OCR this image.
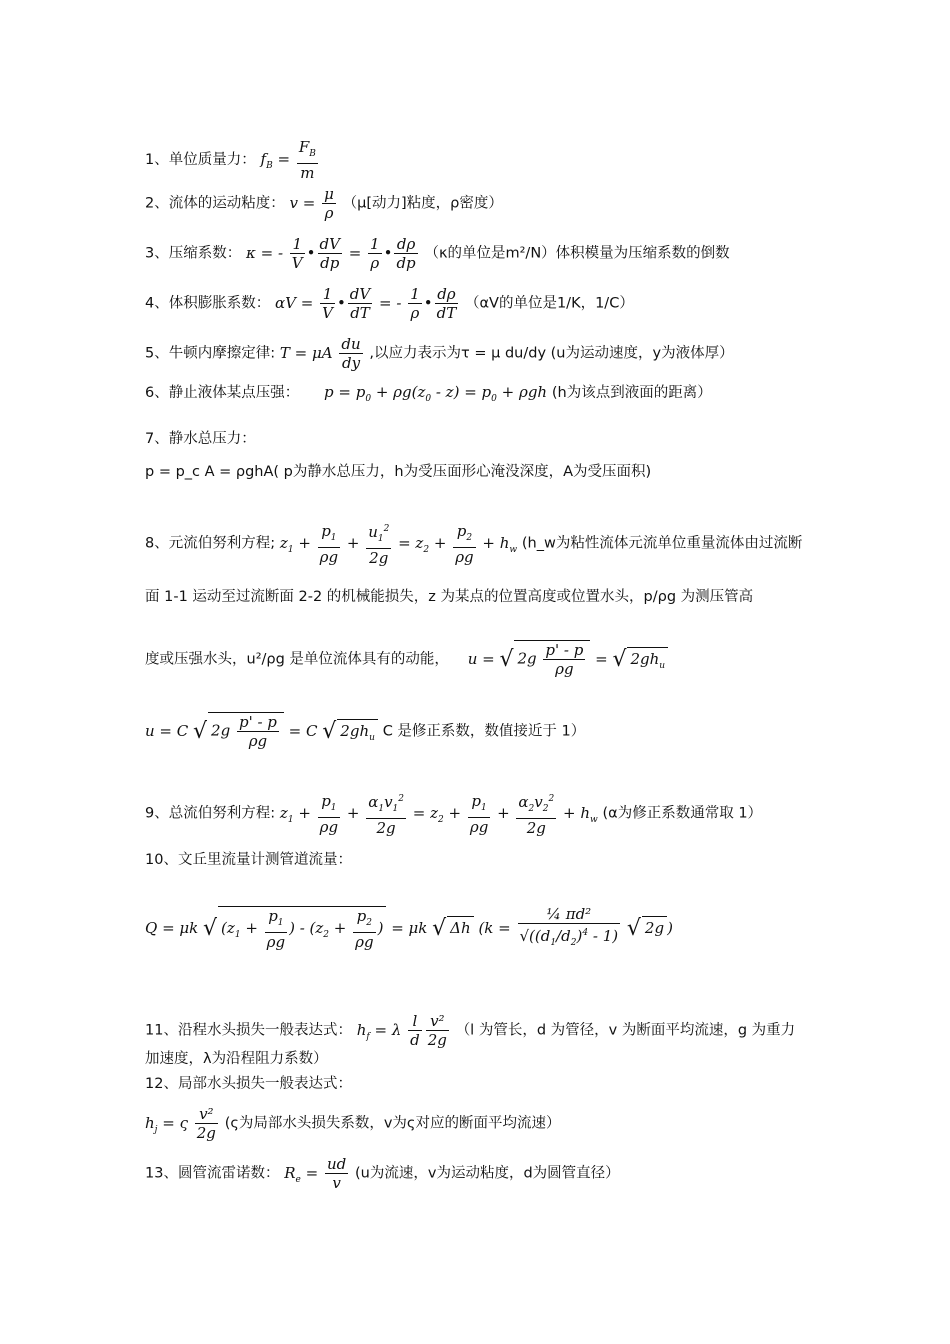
1、单位质量力： $f_B = \frac{F_B}{m}$
2、流体的运动粘度： $v = \frac{\mu}{\rho} (\mu$[动力]粘度，ρ密度）
3、压缩系数： κ = - $\frac{1}{V}$ • $\frac{dV}{dp} = \frac{1}{\rho}$ • $\frac{d\rho}{dp} (\kappa$的单位是m²/N）体积模量为压缩系数的倒数
4、体积膨胀系数： $\alpha V = \frac{1}{V}$ • $\frac{dV}{dT}$ = - $\frac{1}{\rho}$ • $\frac{d\rho}{dT} (\alpha V$的单位是1/K，1/C）
5、牛顿内摩擦定律: T = μA $\frac{du}{dy}$ ,以应力表示为τ = μ du/dy (u为运动速度，y为液体厚）
6、静止液体某点压强： $p = p_0 + \rho g(z_0 - z) = p_0 + \rho gh$ (h为该点到液面的距离）
7、静水总压力：
p = p_c A = ρghA( p为静水总压力，h为受压面形心淹没深度，A为受压面积)
8、元流伯努利方程; $z_1 + \frac{p_1}{\rho g} + \frac{u_1^2}{2g} = z_2 + \frac{p_2}{\rho g} + h_w$ (h_w为粘性流体元流单位重量流体由过流断
面 1-1 运动至过流断面 2-2 的机械能损失，z 为某点的位置高度或位置水头，p/ρg 为测压管高
度或压强水头，u²/ρg 是单位流体具有的动能， u = √ $2g \frac{p' - p}{\rho g}$ = √ $2gh_u$
u = C √ $2g \frac{p' - p}{\rho g} = C$ √ $2gh_u$ C 是修正系数，数值接近于 1）
9、总流伯努利方程: $z_1 + \frac{p_1}{\rho g} + \frac{\alpha_1v_1^2}{2g} = z_2 + \frac{p_1}{\rho g} + \frac{\alpha_2v_2^2}{2g} + h_w$ (α为修正系数通常取 1）
10、文丘里流量计测管道流量：
Q = μk √ ($z_1 + \frac{p_1}{\rho g}$ ) - ($z_2 + \frac{p_2}{\rho g}$ ) = μk √ Δh ($k = \frac{\text{¼ πd²}}{√((d_1/d_2)^4 - 1)}$ √ 2g )
11、沿程水头损失一般表达式： $h_f = \lambda \frac{l}{d} \frac{\text{v²}}{2g} (l$ 为管长，d 为管径，v 为断面平均流速，g 为重力
加速度，λ为沿程阻力系数）
12、局部水头损失一般表达式：
$h_j = \varsigma \frac{\text{v²}}{2g} (\varsigma$为局部水头损失系数，v为ς对应的断面平均流速）
13、圆管流雷诺数： $R_e = \frac{ud}{v} (u$为流速，v为运动粘度，d为圆管直径）
